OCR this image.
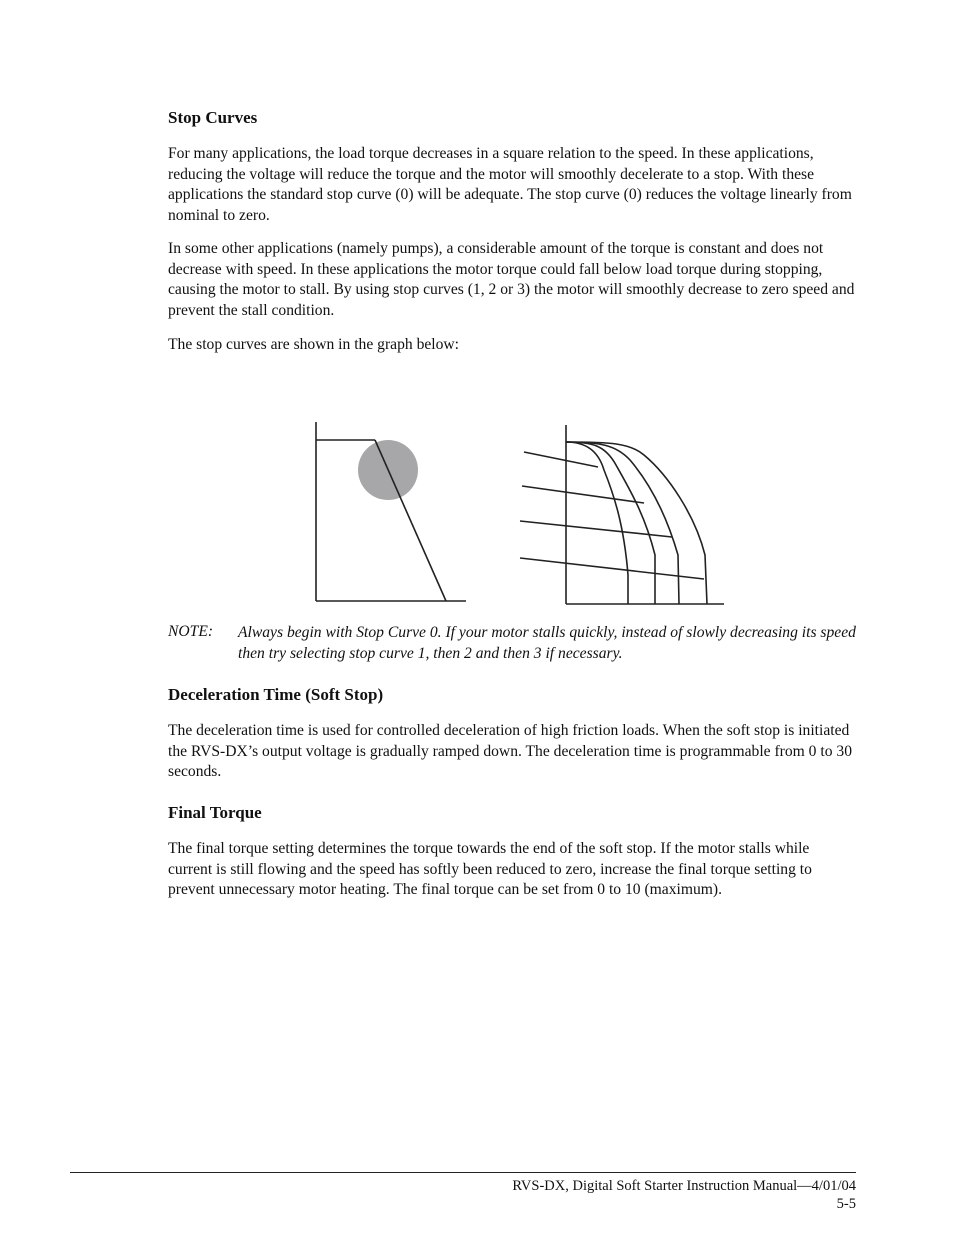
Stop Curves
For many applications, the load torque decreases in a square relation to the speed. In these applications, reducing the voltage will reduce the torque and the motor will smoothly decelerate to a stop. With these applications the standard stop curve (0) will be adequate. The stop curve (0) reduces the voltage linearly from nominal to zero.
In some other applications (namely pumps), a considerable amount of the torque is constant and does not decrease with speed. In these applications the motor torque could fall below load torque during stopping, causing the motor to stall. By using stop curves (1, 2 or 3) the motor will smoothly decrease to zero speed and prevent the stall condition.
The stop curves are shown in the graph below:
NOTE: Always begin with Stop Curve 0. If your motor stalls quickly, instead of slowly decreasing its speed then try selecting stop curve 1, then 2 and then 3 if necessary.
Deceleration Time (Soft Stop)
The deceleration time is used for controlled deceleration of high friction loads. When the soft stop is initiated the RVS-DX’s output voltage is gradually ramped down. The deceleration time is programmable from 0 to 30 seconds.
Final Torque
The final torque setting determines the torque towards the end of the soft stop. If the motor stalls while current is still flowing and the speed has softly been reduced to zero, increase the final torque setting to prevent unnecessary motor heating. The final torque can be set from 0 to 10 (maximum).
RVS-DX, Digital Soft Starter Instruction Manual—4/01/04
5-5
